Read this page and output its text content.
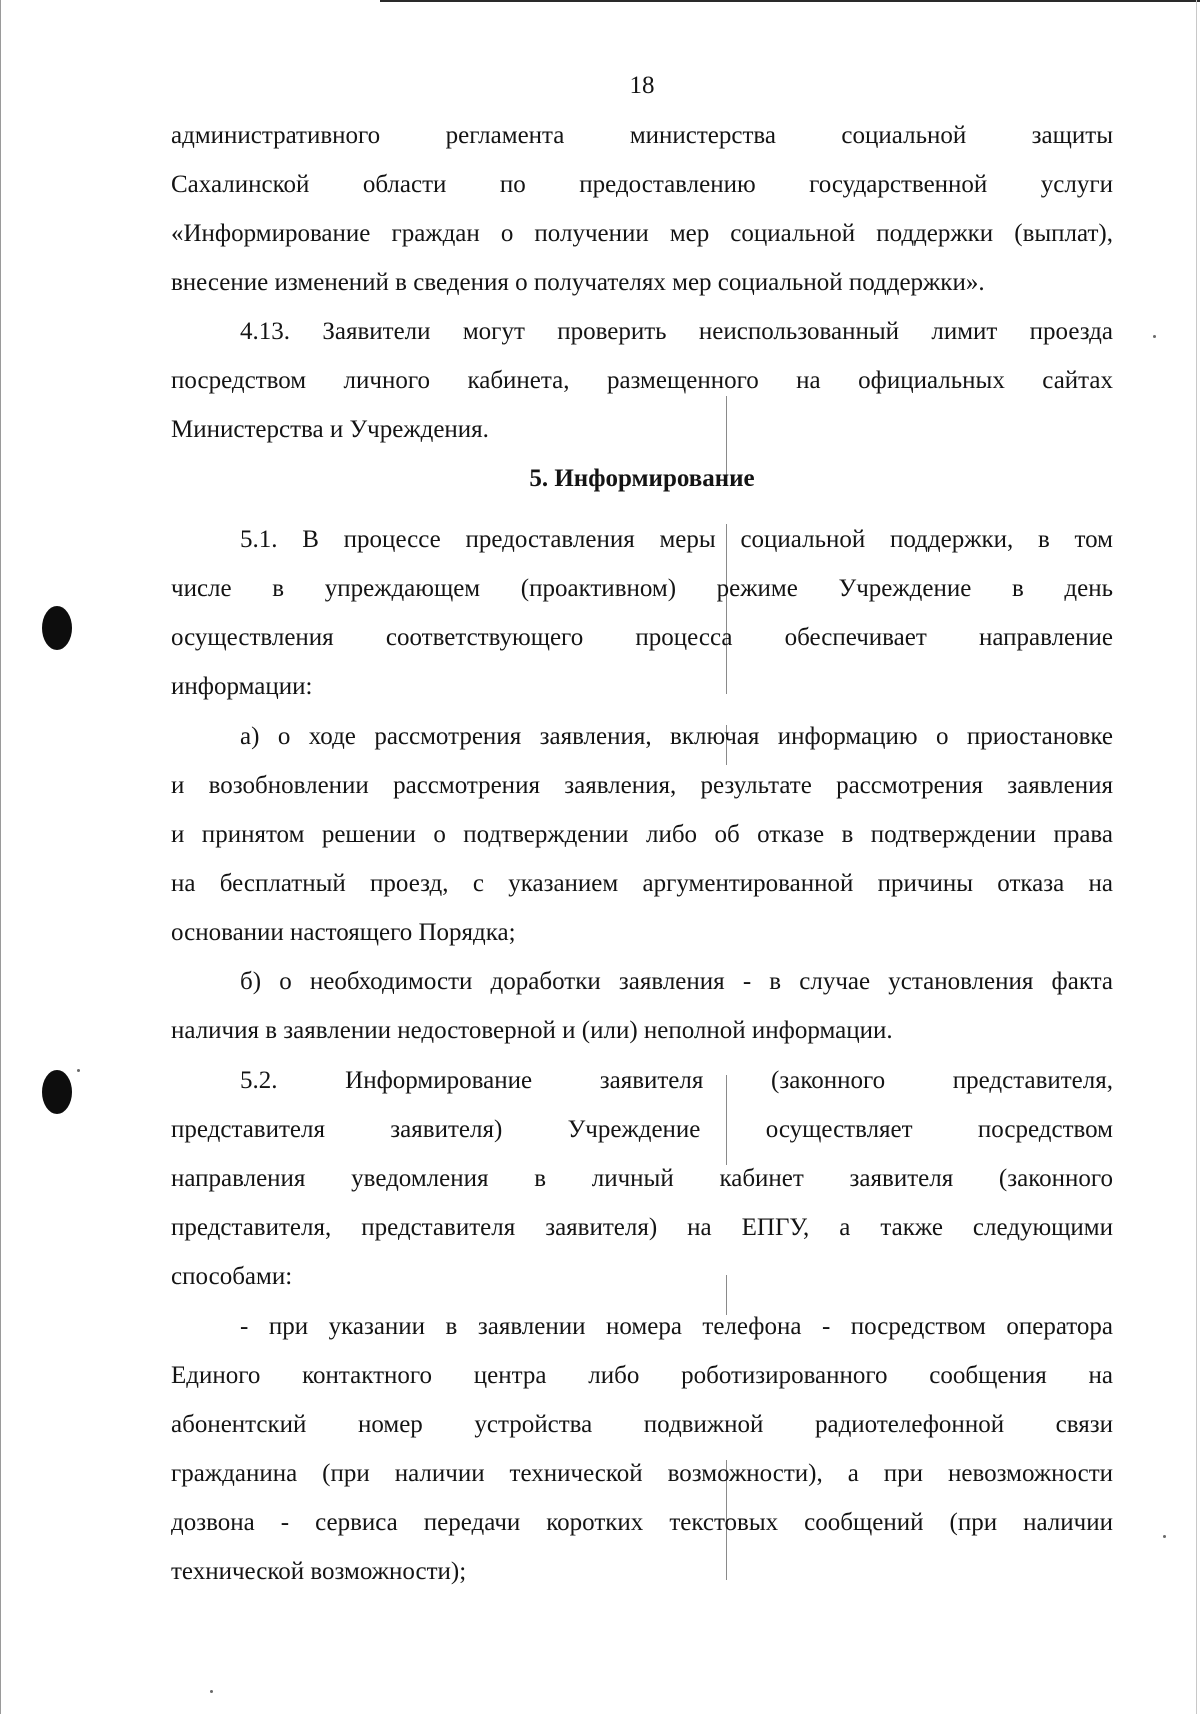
18
административного регламента министерства социальной защиты
Сахалинской области по предоставлению государственной услуги
«Информирование граждан о получении мер социальной поддержки (выплат),
внесение изменений в сведения о получателях мер социальной поддержки».
4.13. Заявители могут проверить неиспользованный лимит проезда
посредством личного кабинета, размещенного на официальных сайтах
Министерства и Учреждения.
5. Информирование
5.1. В процессе предоставления меры социальной поддержки, в том
числе в упреждающем (проактивном) режиме Учреждение в день
осуществления соответствующего процесса обеспечивает направление
информации:
а) о ходе рассмотрения заявления, включая информацию о приостановке
и возобновлении рассмотрения заявления, результате рассмотрения заявления
и принятом решении о подтверждении либо об отказе в подтверждении права
на бесплатный проезд, с указанием аргументированной причины отказа на
основании настоящего Порядка;
б) о необходимости доработки заявления - в случае установления факта
наличия в заявлении недостоверной и (или) неполной информации.
5.2. Информирование заявителя (законного представителя,
представителя заявителя) Учреждение осуществляет посредством
направления уведомления в личный кабинет заявителя (законного
представителя, представителя заявителя) на ЕПГУ, а также следующими
способами:
- при указании в заявлении номера телефона - посредством оператора
Единого контактного центра либо роботизированного сообщения на
абонентский номер устройства подвижной радиотелефонной связи
гражданина (при наличии технической возможности), а при невозможности
дозвона - сервиса передачи коротких текстовых сообщений (при наличии
технической возможности);
